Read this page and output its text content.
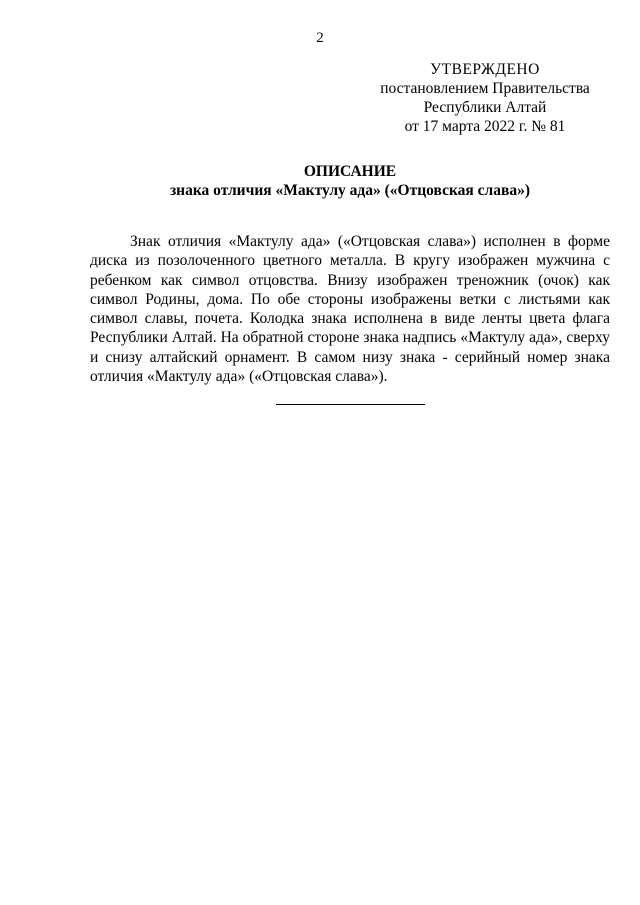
2
УТВЕРЖДЕНО
постановлением Правительства
Республики Алтай
от 17 марта 2022 г. № 81
ОПИСАНИЕ
знака отличия «Мактулу ада» («Отцовская слава»)

Знак отличия «Мактулу ада» («Отцовская слава») исполнен в форме диска из позолоченного цветного металла. В кругу изображен мужчина с ребенком как символ отцовства. Внизу изображен треножник (очок) как символ Родины, дома. По обе стороны изображены ветки с листьями как символ славы, почета. Колодка знака исполнена в виде ленты цвета флага Республики Алтай. На обратной стороне знака надпись «Мактулу ада», сверху и снизу алтайский орнамент. В самом низу знака - серийный номер знака отличия «Мактулу ада» («Отцовская слава»).
